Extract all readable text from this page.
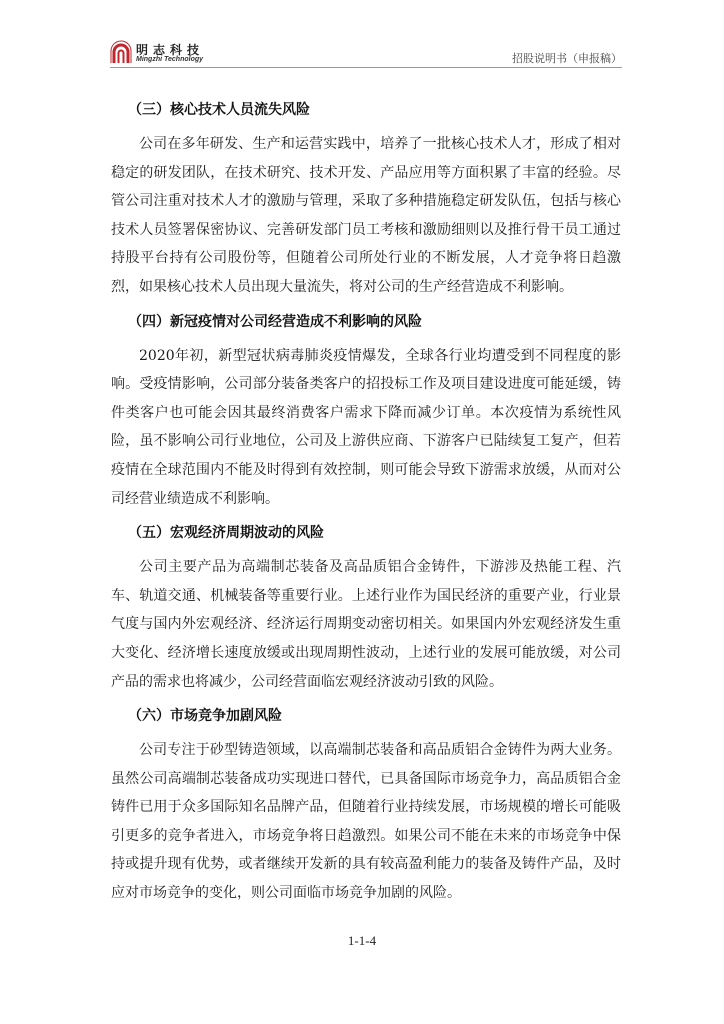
明志科技
Mingzhi Technology	招股说明书（申报稿）
（三）核心技术人员流失风险

公司在多年研发、生产和运营实践中，培养了一批核心技术人才，形成了相对稳定的研发团队，在技术研究、技术开发、产品应用等方面积累了丰富的经验。尽管公司注重对技术人才的激励与管理，采取了多种措施稳定研发队伍，包括与核心技术人员签署保密协议、完善研发部门员工考核和激励细则以及推行骨干员工通过持股平台持有公司股份等，但随着公司所处行业的不断发展，人才竞争将日趋激烈，如果核心技术人员出现大量流失，将对公司的生产经营造成不利影响。

（四）新冠疫情对公司经营造成不利影响的风险

2020年初，新型冠状病毒肺炎疫情爆发，全球各行业均遭受到不同程度的影响。受疫情影响，公司部分装备类客户的招投标工作及项目建设进度可能延缓，铸件类客户也可能会因其最终消费客户需求下降而减少订单。本次疫情为系统性风险，虽不影响公司行业地位，公司及上游供应商、下游客户已陆续复工复产，但若疫情在全球范围内不能及时得到有效控制，则可能会导致下游需求放缓，从而对公司经营业绩造成不利影响。

（五）宏观经济周期波动的风险

公司主要产品为高端制芯装备及高品质铝合金铸件，下游涉及热能工程、汽车、轨道交通、机械装备等重要行业。上述行业作为国民经济的重要产业，行业景气度与国内外宏观经济、经济运行周期变动密切相关。如果国内外宏观经济发生重大变化、经济增长速度放缓或出现周期性波动，上述行业的发展可能放缓，对公司产品的需求也将减少，公司经营面临宏观经济波动引致的风险。

（六）市场竞争加剧风险

公司专注于砂型铸造领域，以高端制芯装备和高品质铝合金铸件为两大业务。虽然公司高端制芯装备成功实现进口替代，已具备国际市场竞争力，高品质铝合金铸件已用于众多国际知名品牌产品，但随着行业持续发展，市场规模的增长可能吸引更多的竞争者进入，市场竞争将日趋激烈。如果公司不能在未来的市场竞争中保持或提升现有优势，或者继续开发新的具有较高盈利能力的装备及铸件产品，及时应对市场竞争的变化，则公司面临市场竞争加剧的风险。

1-1-4
